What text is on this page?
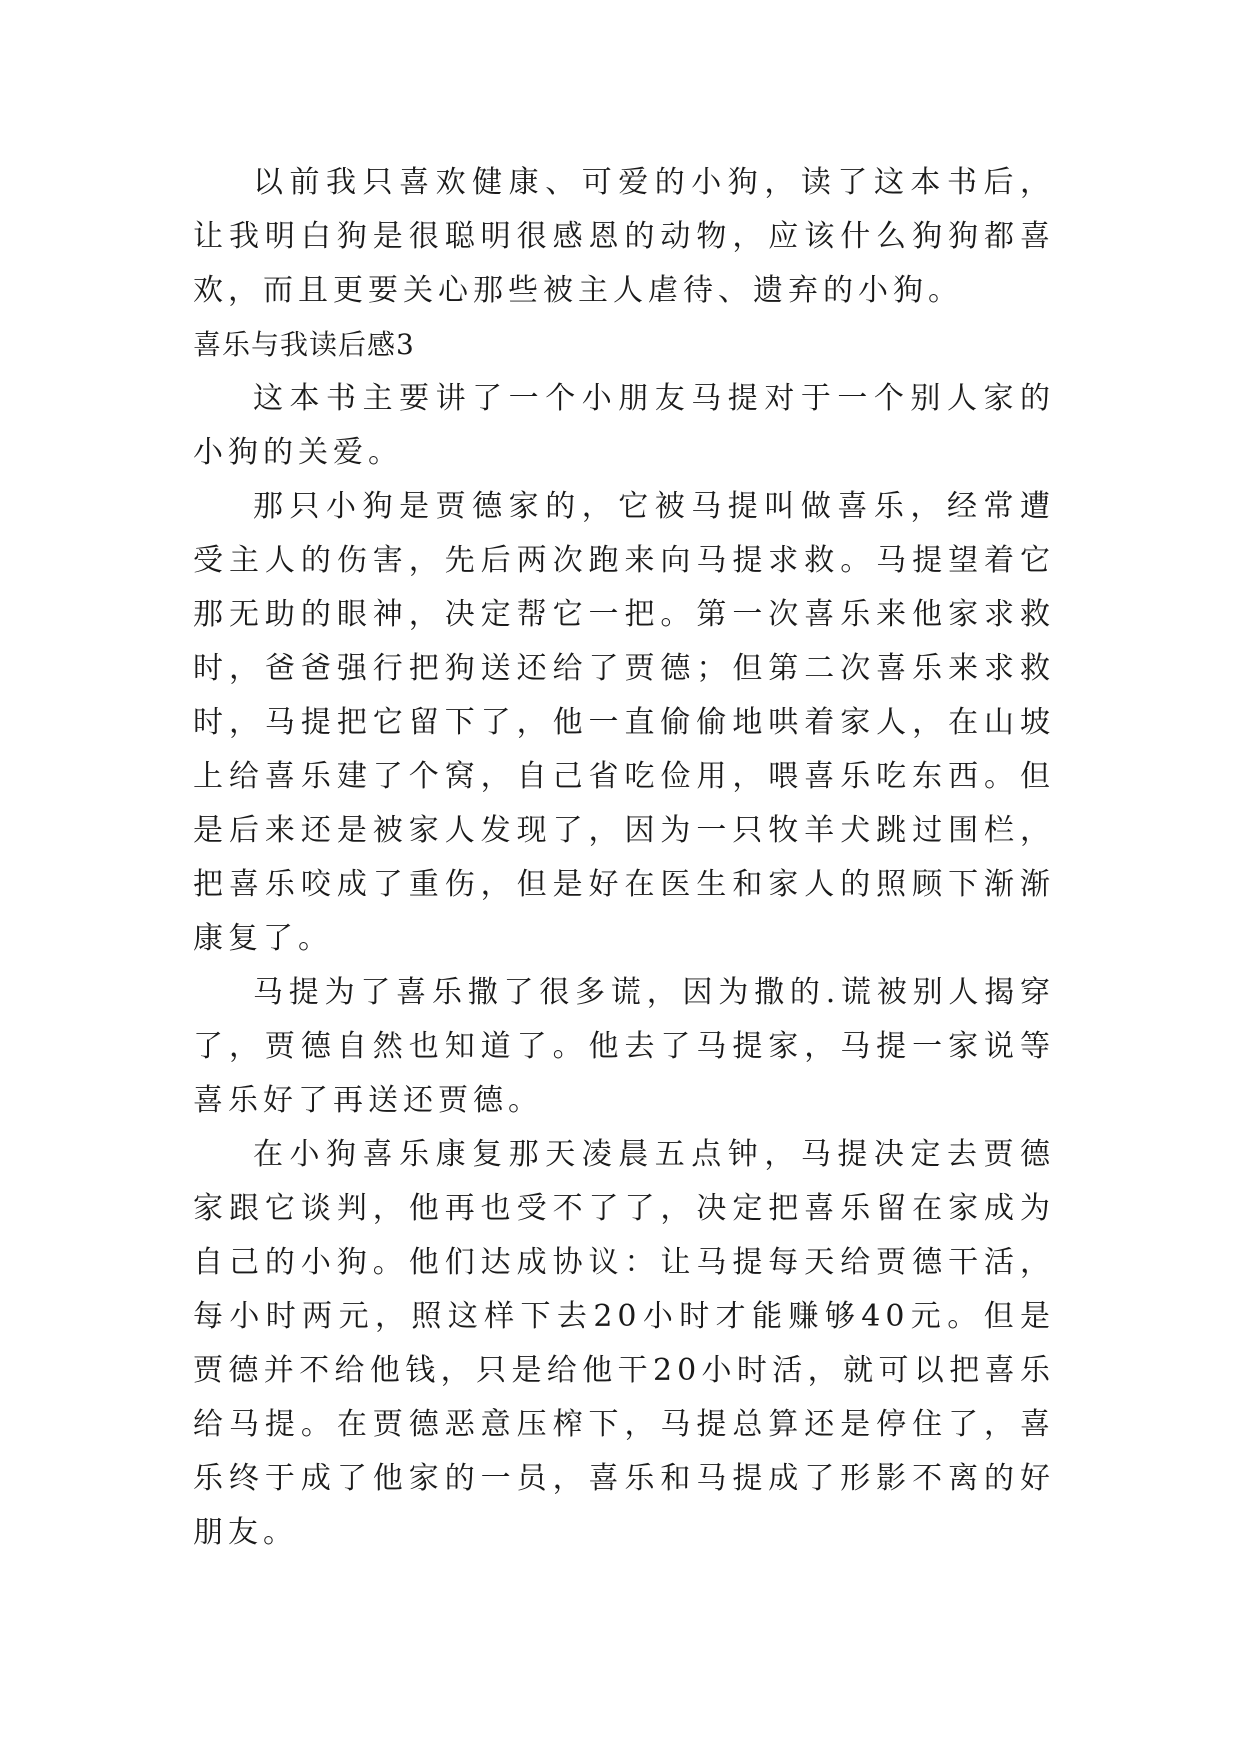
以前我只喜欢健康、可爱的小狗，读了这本书后，让我明白狗是很聪明很感恩的动物，应该什么狗狗都喜欢，而且更要关心那些被主人虐待、遗弃的小狗。

喜乐与我读后感3

这本书主要讲了一个小朋友马提对于一个别人家的小狗的关爱。

那只小狗是贾德家的，它被马提叫做喜乐，经常遭受主人的伤害，先后两次跑来向马提求救。马提望着它那无助的眼神，决定帮它一把。第一次喜乐来他家求救时，爸爸强行把狗送还给了贾德；但第二次喜乐来求救时，马提把它留下了，他一直偷偷地哄着家人，在山坡上给喜乐建了个窝，自己省吃俭用，喂喜乐吃东西。但是后来还是被家人发现了，因为一只牧羊犬跳过围栏，把喜乐咬成了重伤，但是好在医生和家人的照顾下渐渐康复了。

马提为了喜乐撒了很多谎，因为撒的.谎被别人揭穿了，贾德自然也知道了。他去了马提家，马提一家说等喜乐好了再送还贾德。

在小狗喜乐康复那天凌晨五点钟，马提决定去贾德家跟它谈判，他再也受不了了，决定把喜乐留在家成为自己的小狗。他们达成协议：让马提每天给贾德干活，每小时两元，照这样下去20小时才能赚够40元。但是贾德并不给他钱，只是给他干20小时活，就可以把喜乐给马提。在贾德恶意压榨下，马提总算还是停住了，喜乐终于成了他家的一员，喜乐和马提成了形影不离的好朋友。
